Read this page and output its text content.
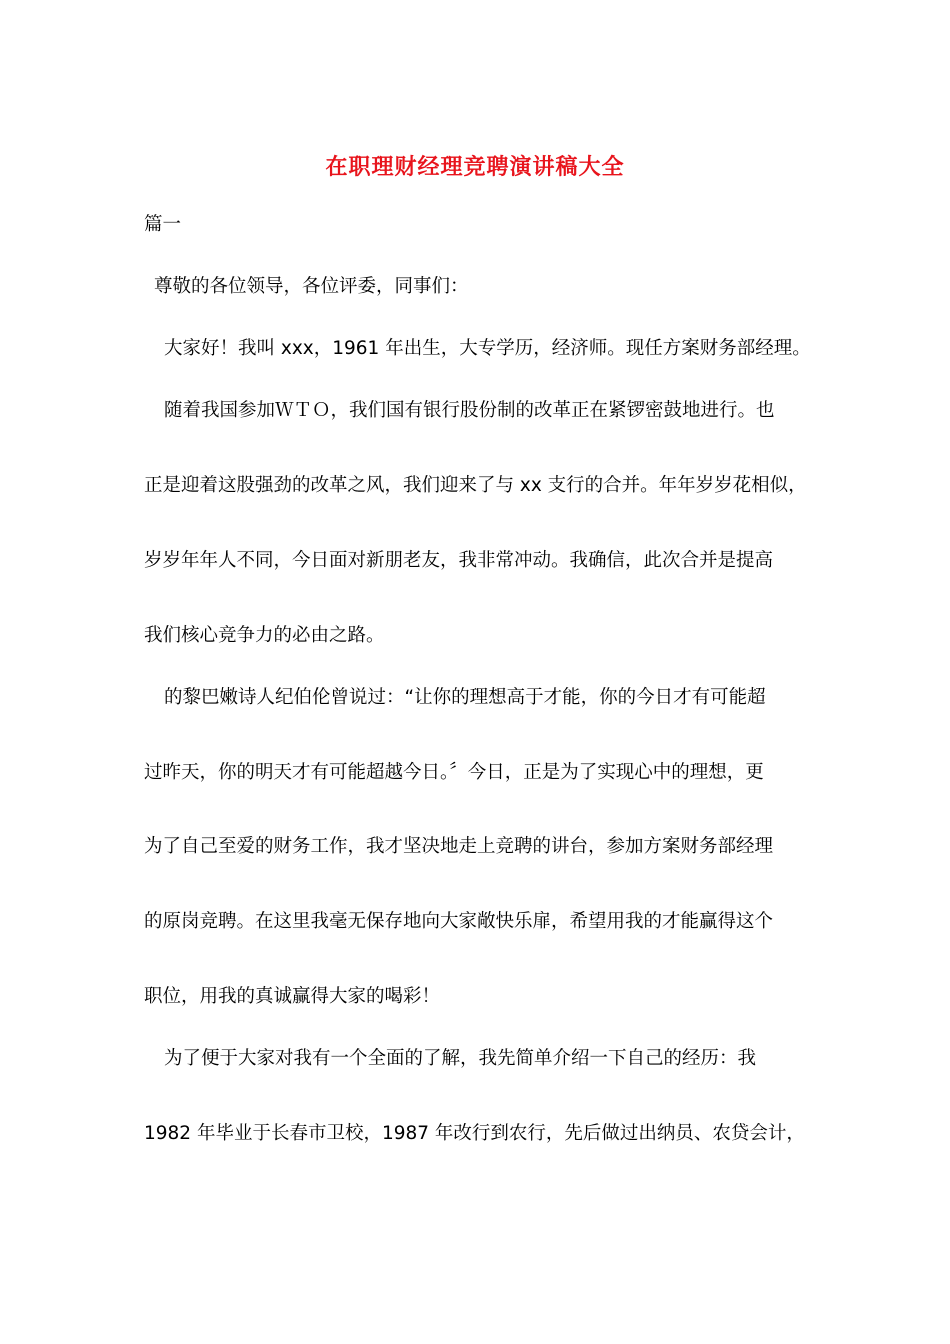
在职理财经理竞聘演讲稿大全
篇一
尊敬的各位领导，各位评委，同事们：
大家好！我叫 xxx，1961 年出生，大专学历，经济师。现任方案财务部经理。
随着我国参加ＷＴＯ，我们国有银行股份制的改革正在紧锣密鼓地进行。也
正是迎着这股强劲的改革之风，我们迎来了与 xx 支行的合并。年年岁岁花相似，
岁岁年年人不同，今日面对新朋老友，我非常冲动。我确信，此次合并是提高
我们核心竞争力的必由之路。
的黎巴嫩诗人纪伯伦曾说过：“让你的理想高于才能，你的今日才有可能超
过昨天，你的明天才有可能超越今日。〞今日，正是为了实现心中的理想，更
为了自己至爱的财务工作，我才坚决地走上竞聘的讲台，参加方案财务部经理
的原岗竞聘。在这里我毫无保存地向大家敞快乐扉，希望用我的才能赢得这个
职位，用我的真诚赢得大家的喝彩！
为了便于大家对我有一个全面的了解，我先简单介绍一下自己的经历：我
1982 年毕业于长春市卫校，1987 年改行到农行，先后做过出纳员、农贷会计，
